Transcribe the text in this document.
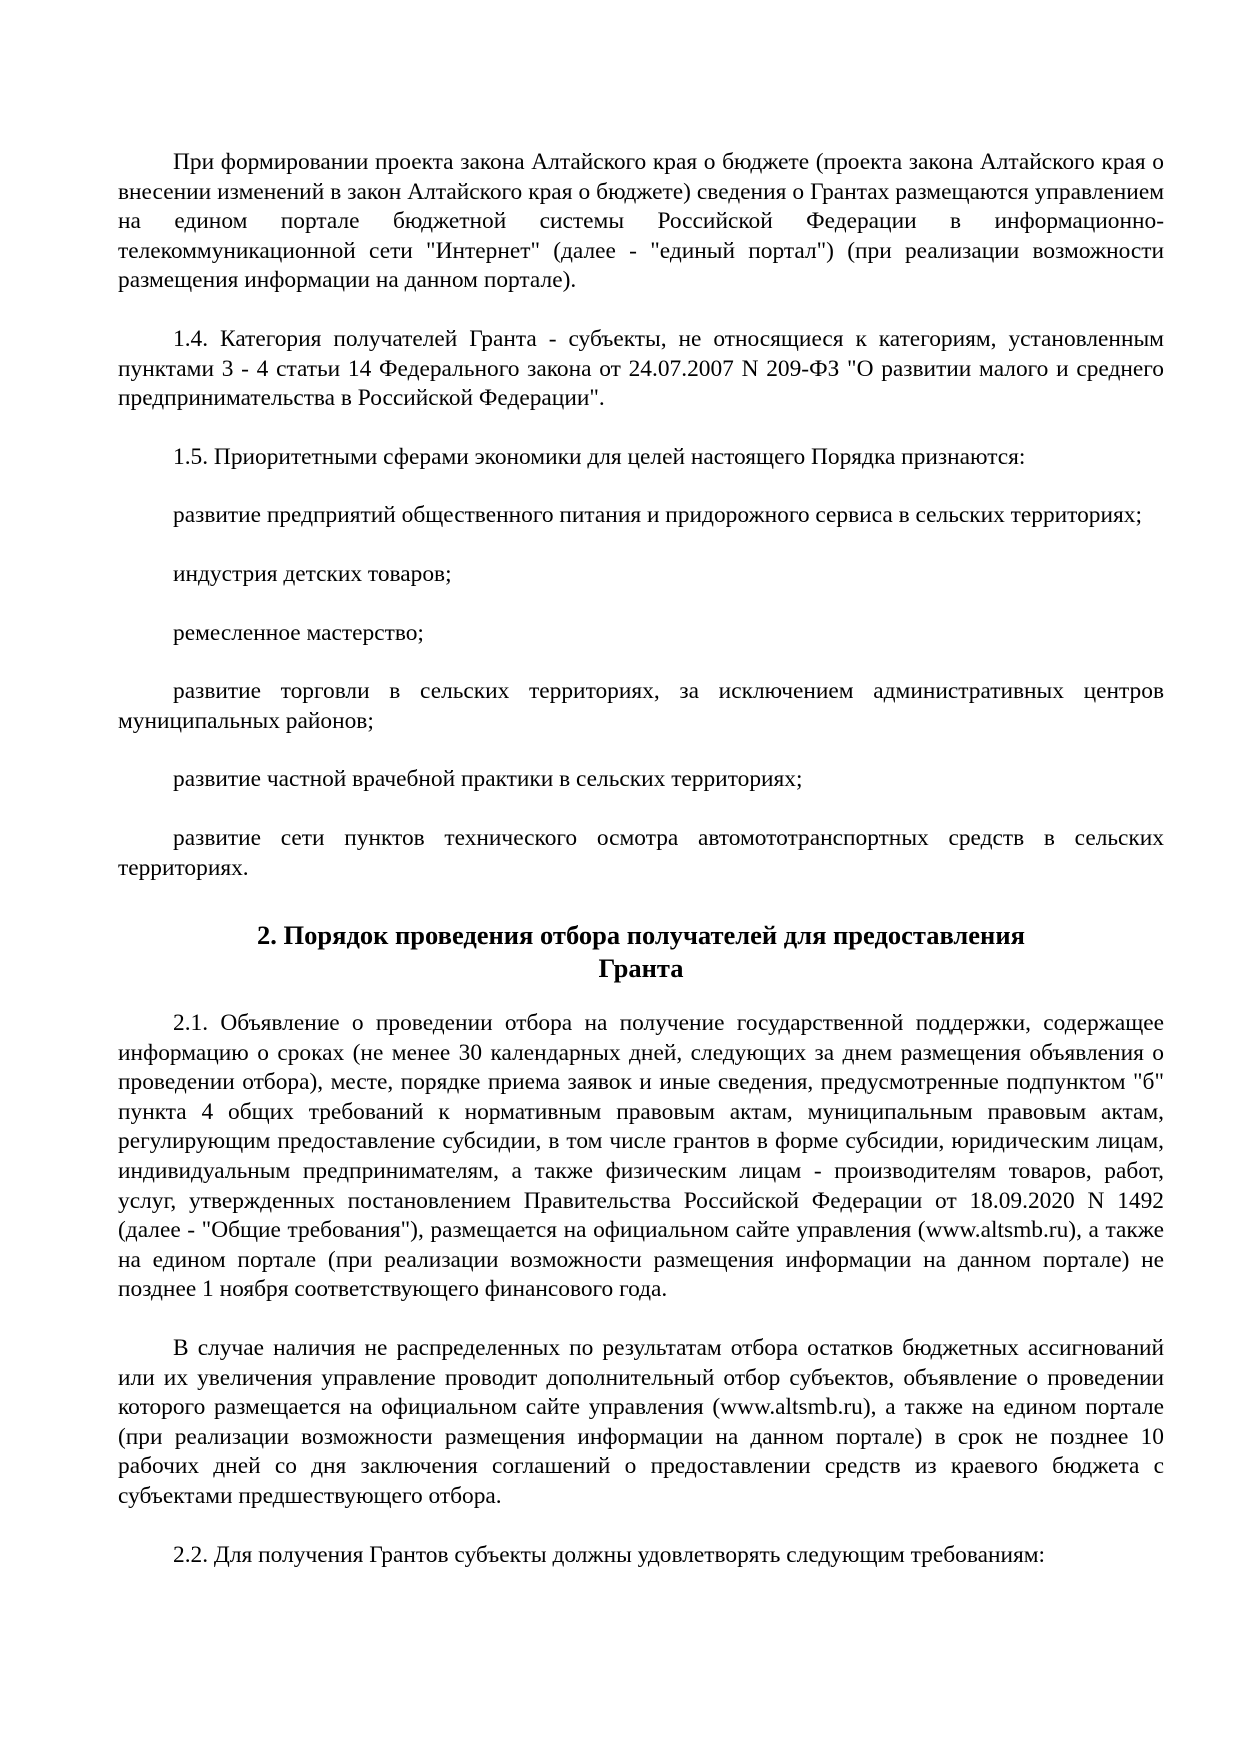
При формировании проекта закона Алтайского края о бюджете (проекта закона Алтайского края о внесении изменений в закон Алтайского края о бюджете) сведения о Грантах размещаются управлением на едином портале бюджетной системы Российской Федерации в информационно-телекоммуникационной сети "Интернет" (далее - "единый портал") (при реализации возможности размещения информации на данном портале).

1.4. Категория получателей Гранта - субъекты, не относящиеся к категориям, установленным пунктами 3 - 4 статьи 14 Федерального закона от 24.07.2007 N 209-ФЗ "О развитии малого и среднего предпринимательства в Российской Федерации".

1.5. Приоритетными сферами экономики для целей настоящего Порядка признаются:

развитие предприятий общественного питания и придорожного сервиса в сельских территориях;

индустрия детских товаров;

ремесленное мастерство;

развитие торговли в сельских территориях, за исключением административных центров муниципальных районов;

развитие частной врачебной практики в сельских территориях;

развитие сети пунктов технического осмотра автомототранспортных средств в сельских территориях.

2. Порядок проведения отбора получателей для предоставления
Гранта

2.1. Объявление о проведении отбора на получение государственной поддержки, содержащее информацию о сроках (не менее 30 календарных дней, следующих за днем размещения объявления о проведении отбора), месте, порядке приема заявок и иные сведения, предусмотренные подпунктом "б" пункта 4 общих требований к нормативным правовым актам, муниципальным правовым актам, регулирующим предоставление субсидии, в том числе грантов в форме субсидии, юридическим лицам, индивидуальным предпринимателям, а также физическим лицам - производителям товаров, работ, услуг, утвержденных постановлением Правительства Российской Федерации от 18.09.2020 N 1492 (далее - "Общие требования"), размещается на официальном сайте управления (www.altsmb.ru), а также на едином портале (при реализации возможности размещения информации на данном портале) не позднее 1 ноября соответствующего финансового года.

В случае наличия не распределенных по результатам отбора остатков бюджетных ассигнований или их увеличения управление проводит дополнительный отбор субъектов, объявление о проведении которого размещается на официальном сайте управления (www.altsmb.ru), а также на едином портале (при реализации возможности размещения информации на данном портале) в срок не позднее 10 рабочих дней со дня заключения соглашений о предоставлении средств из краевого бюджета с субъектами предшествующего отбора.

2.2. Для получения Грантов субъекты должны удовлетворять следующим требованиям:
